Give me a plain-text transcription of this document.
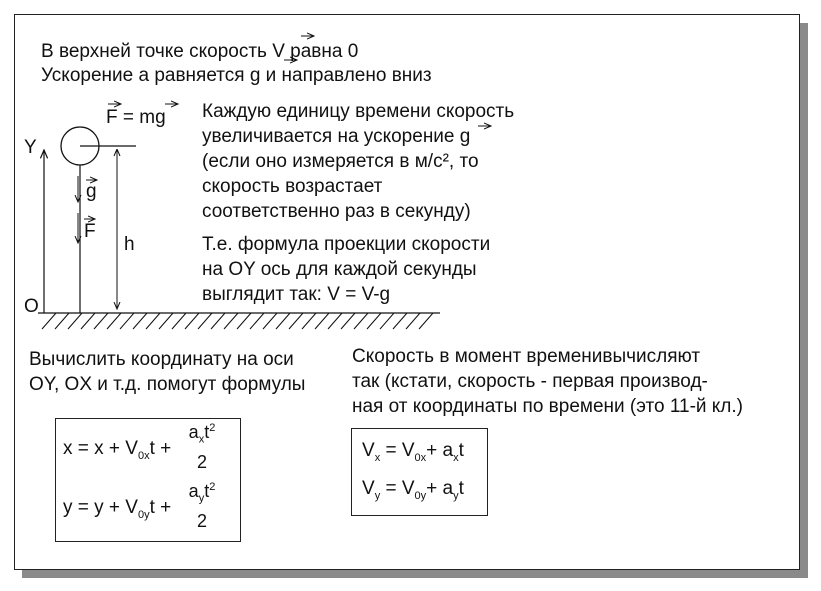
В верхней точке скорость V равна 0
Ускорение а равняется g и направлено вниз
F = mg
Y
O
g
F
h
Каждую единицу времени скорость
увеличивается на ускорение g
(если оно измеряется в м/с², то
скорость возрастает
соответственно раз в секунду)
Т.е. формула проекции скорости
на OY ось для каждой секунды
выглядит так: V = V-g
Вычислить координату на оси
OY, OX и т.д. помогут формулы
$x = x + V_{0x}t$ +
$a_xt^2$
2
$y = y + V_{0y}t$ +
$a_yt^2$
2
Скорость в момент временивычисляют
так (кстати, скорость - первая производ-
ная от координаты по времени (это 11-й кл.)
$V_x = V_{0x}+ a_xt$
$V_y = V_{0y}+ a_yt$
